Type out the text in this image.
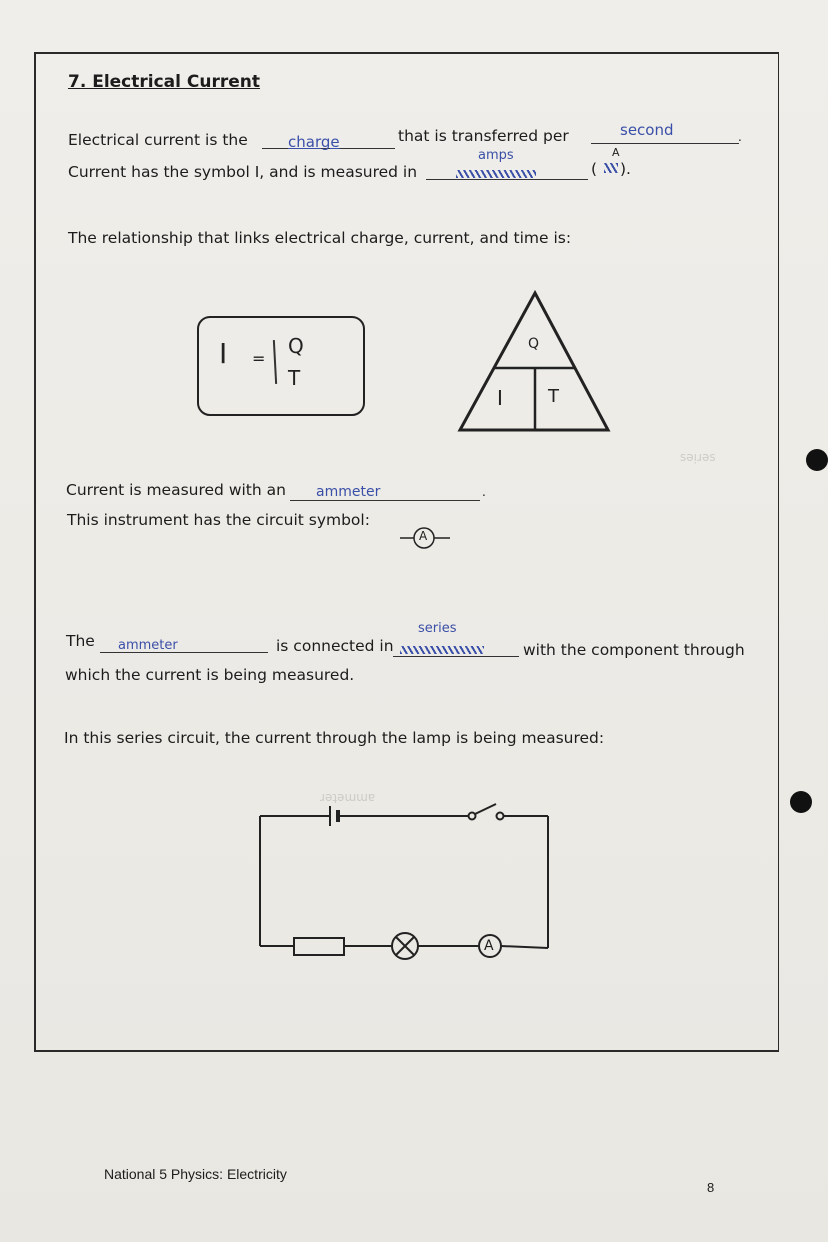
7. Electrical Current
Electrical current is the	charge	that is transferred per	second	.
Current has the symbol I, and is measured in
amps
(
A
).
The relationship that links electrical charge, current, and time is:
I =
Q
T
Q
I	T
Current is measured with an ammeter	.
This instrument has the circuit symbol:
A
The ammeter	is connected in
series
with the component through
which the current is being measured.
In this series circuit, the current through the lamp is being measured:
A
sǝᴉɹǝs
ɹǝʇǝɯɯɐ
National 5 Physics: Electricity
8
